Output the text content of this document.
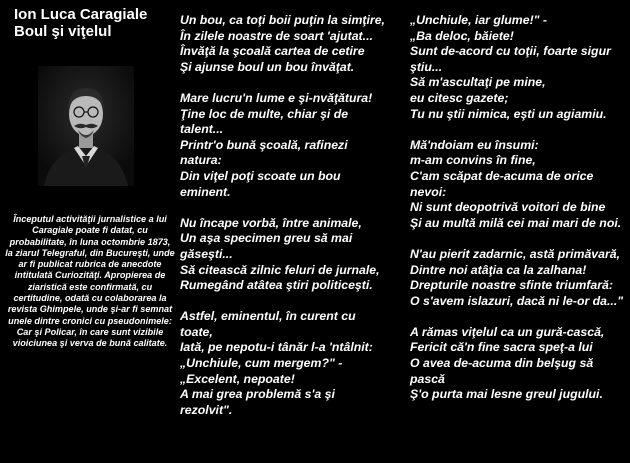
Ion Luca Caragiale
Boul şi viţelul
Începutul activităţii jurnalistice a lui Caragiale poate fi datat, cu probabilitate, în luna octombrie 1873, la ziarul Telegraful, din Bucureşti, unde ar fi publicat rubrica de anecdote intitulată Curiozităţi. Apropierea de ziaristică este confirmată, cu certitudine, odată cu colaborarea la revista Ghimpele, unde şi-ar fi semnat unele dintre cronici cu pseudonimele: Car şi Policar, în care sunt vizibile vioiciunea şi verva de bună calitate.
Un bou, ca toţi boii puţin la simţire,
În zilele noastre de soart 'ajutat...
Învăţă la şcoală cartea de cetire
Şi ajunse boul un bou învăţat.
Mare lucru'n lume e şi-nvăţătura!
Ţine loc de multe, chiar şi de talent...
Printr'o bună şcoală, rafinezi natura:
Din viţel poţi scoate un bou eminent.
Nu încape vorbă, între animale,
Un aşa specimen greu să mai găseşti...
Să citească zilnic feluri de jurnale,
Rumegând atâtea ştiri politiceşti.
Astfel, eminentul, în curent cu toate,
Iată, pe nepotu-i tânăr l-a 'ntâlnit:
„Unchiule, cum mergem?" -
„Excelent, nepoate!
A mai grea problemă s'a şi rezolvit".
„Unchiule, iar glume!" -
„Ba deloc, băiete!
Sunt de-acord cu toţii, foarte sigur ştiu...
Să m'ascultaţi pe mine,
eu citesc gazete;
Tu nu ştii nimica, eşti un agiamiu.
Mă'ndoiam eu însumi:
m-am convins în fine,
C'am scăpat de-acuma de orice nevoi:
Ni sunt deopotrivă voitori de bine
Şi au multă milă cei mai mari de noi.
N'au pierit zadarnic, astă primăvară,
Dintre noi atâţia ca la zalhana!
Drepturile noastre sfinte triumfară:
O s'avem islazuri, dacă ni le-or da..."
A rămas viţelul ca un gură-cască,
Fericit că'n fine sacra speţ-a lui
O avea de-acuma din belşug să pască
Ş'o purta mai lesne greul jugului.
